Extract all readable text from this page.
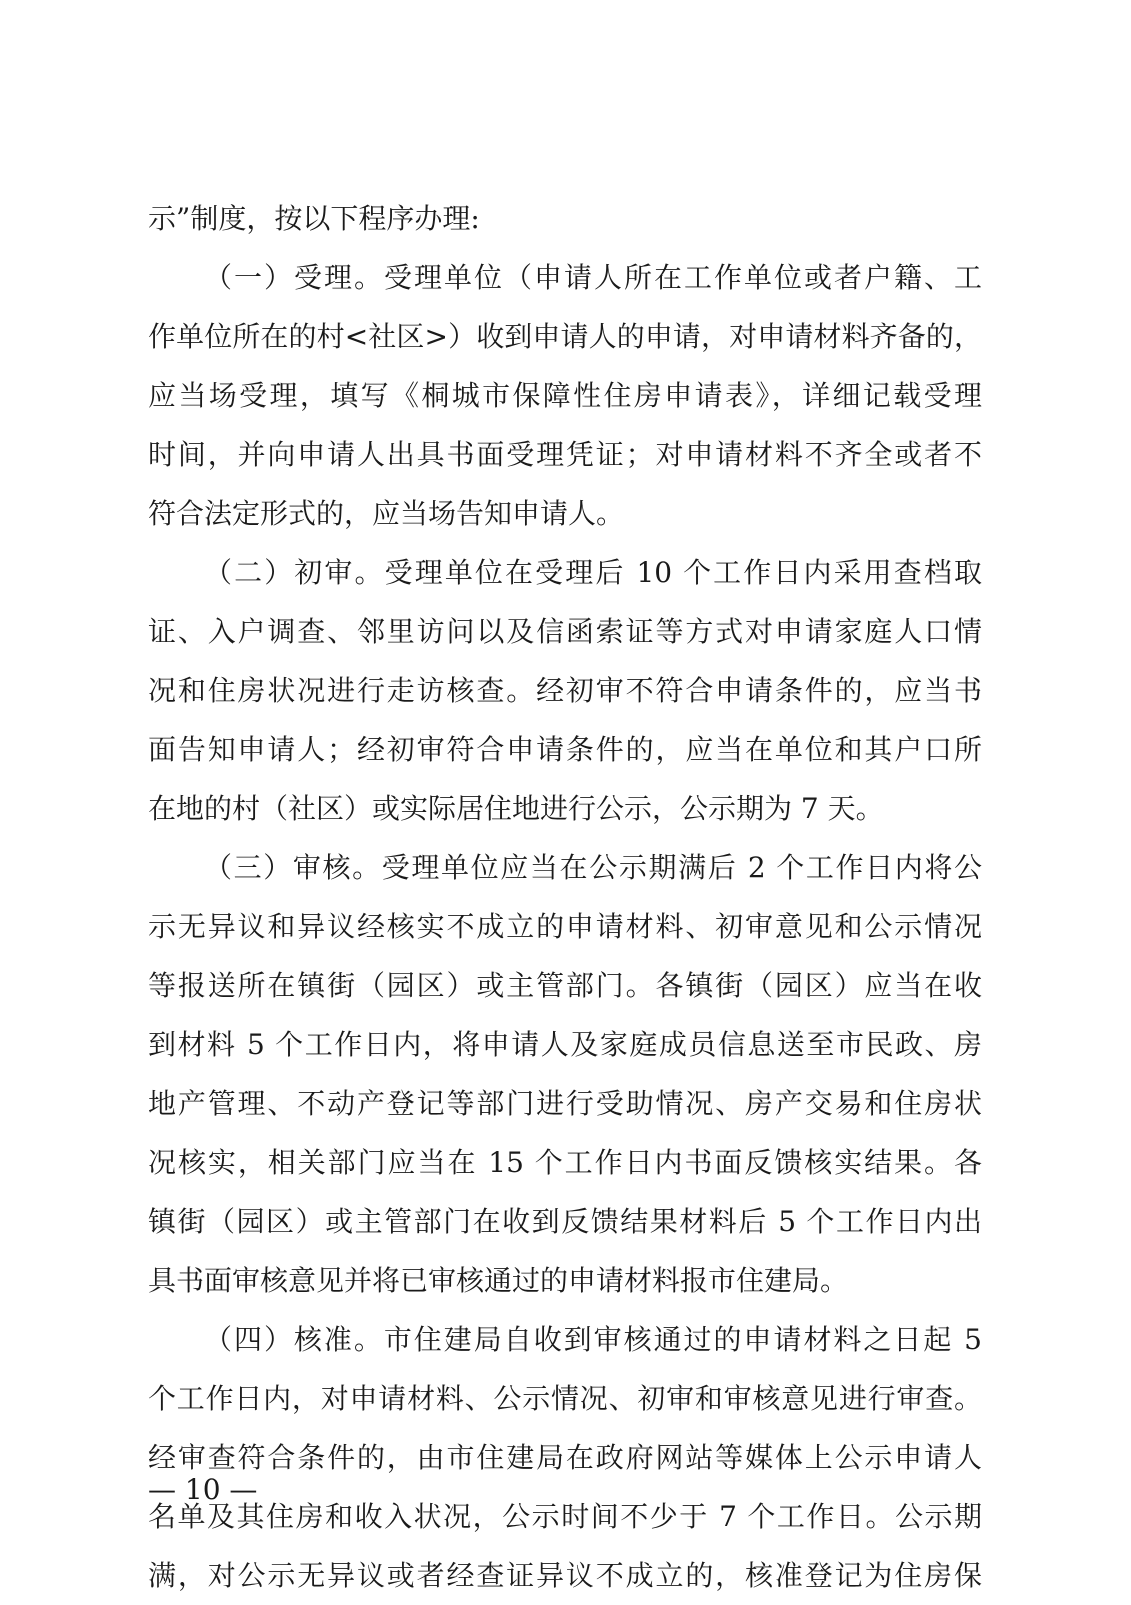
示”制度，按以下程序办理:
（一）受理。受理单位（申请人所在工作单位或者户籍、工
作单位所在的村<社区>）收到申请人的申请，对申请材料齐备的，
应当场受理，填写《桐城市保障性住房申请表》，详细记载受理
时间，并向申请人出具书面受理凭证；对申请材料不齐全或者不
符合法定形式的，应当场告知申请人。
（二）初审。受理单位在受理后 10 个工作日内采用查档取
证、入户调查、邻里访问以及信函索证等方式对申请家庭人口情
况和住房状况进行走访核查。经初审不符合申请条件的，应当书
面告知申请人；经初审符合申请条件的，应当在单位和其户口所
在地的村（社区）或实际居住地进行公示，公示期为 7 天。
（三）审核。受理单位应当在公示期满后 2 个工作日内将公
示无异议和异议经核实不成立的申请材料、初审意见和公示情况
等报送所在镇街（园区）或主管部门。各镇街（园区）应当在收
到材料 5 个工作日内，将申请人及家庭成员信息送至市民政、房
地产管理、不动产登记等部门进行受助情况、房产交易和住房状
况核实，相关部门应当在 15 个工作日内书面反馈核实结果。各
镇街（园区）或主管部门在收到反馈结果材料后 5 个工作日内出
具书面审核意见并将已审核通过的申请材料报市住建局。
（四）核准。市住建局自收到审核通过的申请材料之日起 5
个工作日内，对申请材料、公示情况、初审和审核意见进行审查。
经审查符合条件的，由市住建局在政府网站等媒体上公示申请人
名单及其住房和收入状况，公示时间不少于 7 个工作日。公示期
满，对公示无异议或者经查证异议不成立的，核准登记为住房保
— 10 —
